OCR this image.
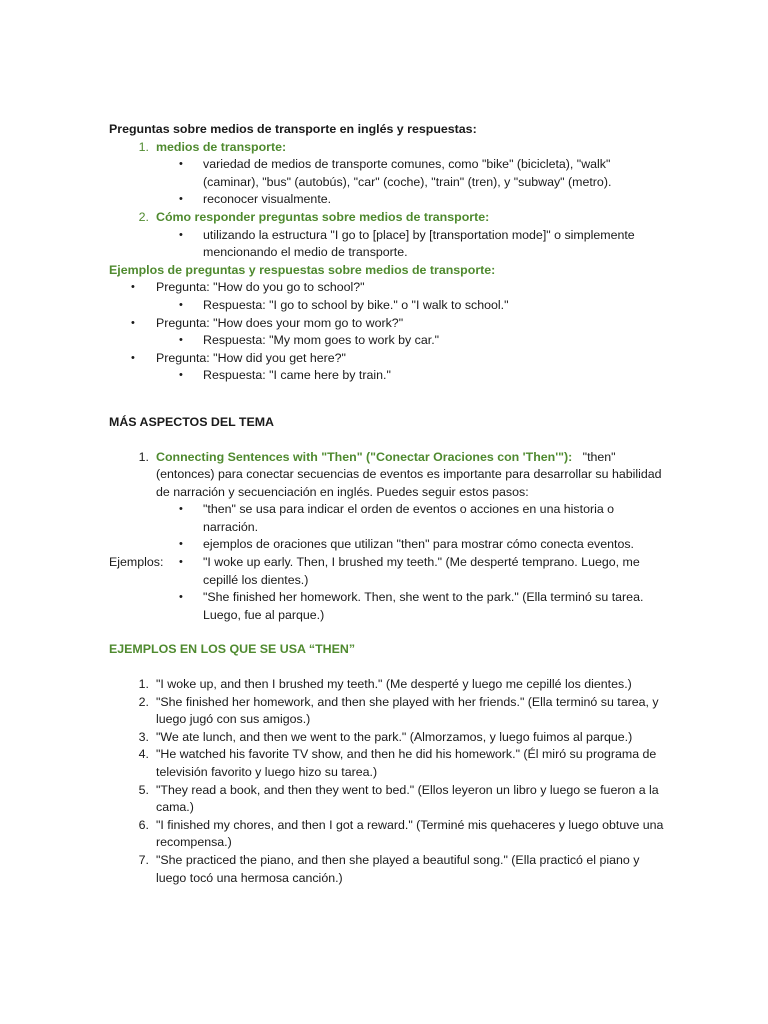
Preguntas sobre medios de transporte en inglés y respuestas:
1. medios de transporte:
•	variedad de medios de transporte comunes, como "bike" (bicicleta), "walk" (caminar), "bus" (autobús), "car" (coche), "train" (tren), y "subway" (metro).
•	reconocer visualmente.
2. Cómo responder preguntas sobre medios de transporte:
•	utilizando la estructura "I go to [place] by [transportation mode]" o simplemente mencionando el medio de transporte.
Ejemplos de preguntas y respuestas sobre medios de transporte:
•	Pregunta: "How do you go to school?"
•	Respuesta: "I go to school by bike." o "I walk to school."
•	Pregunta: "How does your mom go to work?"
•	Respuesta: "My mom goes to work by car."
•	Pregunta: "How did you get here?"
•	Respuesta: "I came here by train."
MÁS ASPECTOS DEL TEMA
1. Connecting Sentences with "Then" ("Conectar Oraciones con 'Then'"): "then" (entonces) para conectar secuencias de eventos es importante para desarrollar su habilidad de narración y secuenciación en inglés. Puedes seguir estos pasos:
•	"then" se usa para indicar el orden de eventos o acciones en una historia o narración.
•	ejemplos de oraciones que utilizan "then" para mostrar cómo conecta eventos.
Ejemplos:	•	"I woke up early. Then, I brushed my teeth." (Me desperté temprano. Luego, me cepillé los dientes.)
•	"She finished her homework. Then, she went to the park." (Ella terminó su tarea. Luego, fue al parque.)
EJEMPLOS EN LOS QUE SE USA “THEN”
1. "I woke up, and then I brushed my teeth." (Me desperté y luego me cepillé los dientes.)
2. "She finished her homework, and then she played with her friends." (Ella terminó su tarea, y luego jugó con sus amigos.)
3. "We ate lunch, and then we went to the park." (Almorzamos, y luego fuimos al parque.)
4. "He watched his favorite TV show, and then he did his homework." (Él miró su programa de televisión favorito y luego hizo su tarea.)
5. "They read a book, and then they went to bed." (Ellos leyeron un libro y luego se fueron a la cama.)
6. "I finished my chores, and then I got a reward." (Terminé mis quehaceres y luego obtuve una recompensa.)
7. "She practiced the piano, and then she played a beautiful song." (Ella practicó el piano y luego tocó una hermosa canción.)
